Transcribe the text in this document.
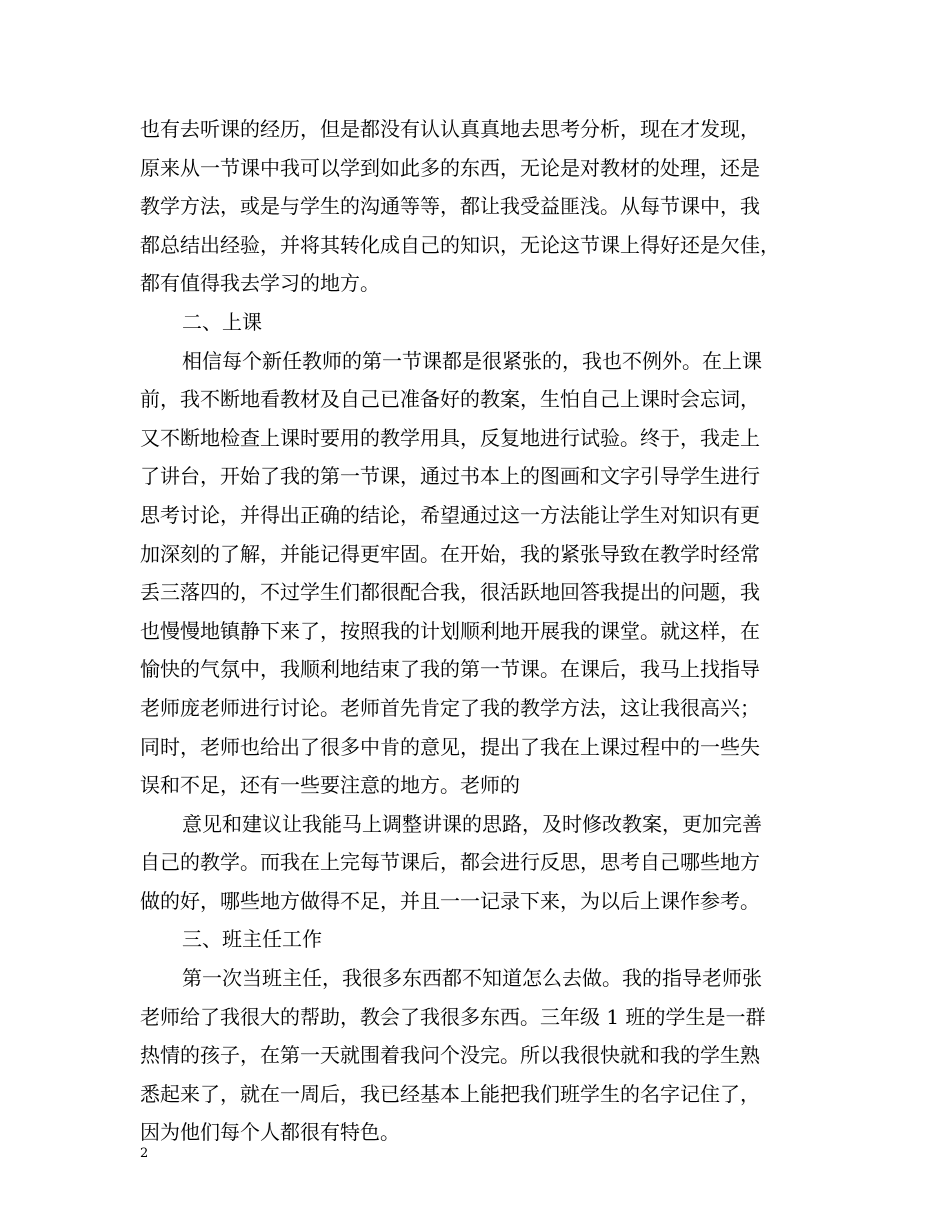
也有去听课的经历，但是都没有认认真真地去思考分析，现在才发现，
原来从一节课中我可以学到如此多的东西，无论是对教材的处理，还是
教学方法，或是与学生的沟通等等，都让我受益匪浅。从每节课中，我
都总结出经验，并将其转化成自己的知识，无论这节课上得好还是欠佳，
都有值得我去学习的地方。
二、上课
相信每个新任教师的第一节课都是很紧张的，我也不例外。在上课
前，我不断地看教材及自己已准备好的教案，生怕自己上课时会忘词，
又不断地检查上课时要用的教学用具，反复地进行试验。终于，我走上
了讲台，开始了我的第一节课，通过书本上的图画和文字引导学生进行
思考讨论，并得出正确的结论，希望通过这一方法能让学生对知识有更
加深刻的了解，并能记得更牢固。在开始，我的紧张导致在教学时经常
丢三落四的，不过学生们都很配合我，很活跃地回答我提出的问题，我
也慢慢地镇静下来了，按照我的计划顺利地开展我的课堂。就这样，在
愉快的气氛中，我顺利地结束了我的第一节课。在课后，我马上找指导
老师庞老师进行讨论。老师首先肯定了我的教学方法，这让我很高兴；
同时，老师也给出了很多中肯的意见，提出了我在上课过程中的一些失
误和不足，还有一些要注意的地方。老师的
意见和建议让我能马上调整讲课的思路，及时修改教案，更加完善
自己的教学。而我在上完每节课后，都会进行反思，思考自己哪些地方
做的好，哪些地方做得不足，并且一一记录下来，为以后上课作参考。
三、班主任工作
第一次当班主任，我很多东西都不知道怎么去做。我的指导老师张
老师给了我很大的帮助，教会了我很多东西。三年级 1 班的学生是一群
热情的孩子，在第一天就围着我问个没完。所以我很快就和我的学生熟
悉起来了，就在一周后，我已经基本上能把我们班学生的名字记住了，
因为他们每个人都很有特色。
2
